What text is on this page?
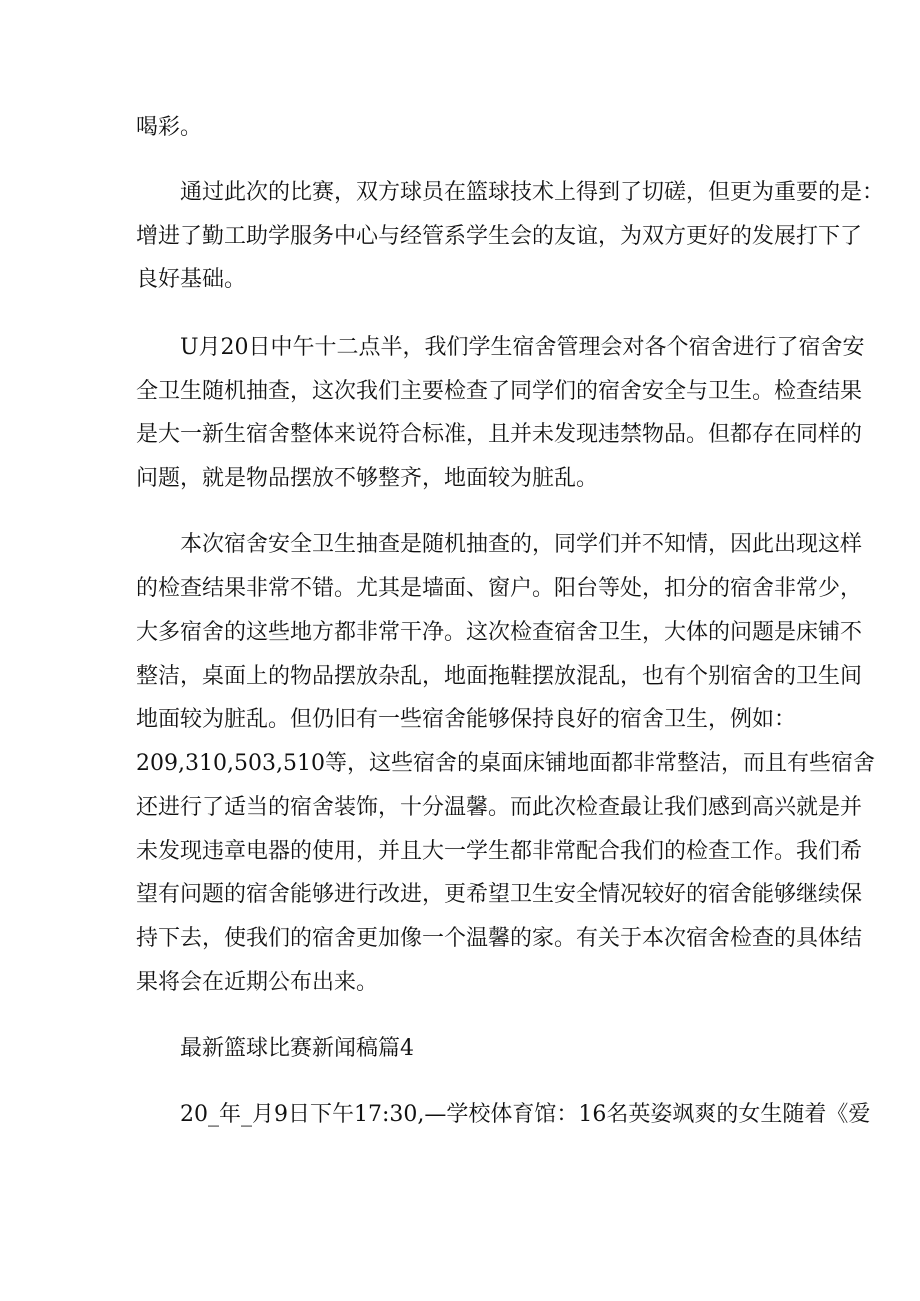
喝彩。

通过此次的比赛，双方球员在篮球技术上得到了切磋，但更为重要的是：

增进了勤工助学服务中心与经管系学生会的友谊，为双方更好的发展打下了

良好基础。

U月20日中午十二点半，我们学生宿舍管理会对各个宿舍进行了宿舍安

全卫生随机抽查，这次我们主要检查了同学们的宿舍安全与卫生。检查结果

是大一新生宿舍整体来说符合标准，且并未发现违禁物品。但都存在同样的

问题，就是物品摆放不够整齐，地面较为脏乱。

本次宿舍安全卫生抽查是随机抽查的，同学们并不知情，因此出现这样

的检查结果非常不错。尤其是墙面、窗户。阳台等处，扣分的宿舍非常少，

大多宿舍的这些地方都非常干净。这次检查宿舍卫生，大体的问题是床铺不

整洁，桌面上的物品摆放杂乱，地面拖鞋摆放混乱，也有个别宿舍的卫生间

地面较为脏乱。但仍旧有一些宿舍能够保持良好的宿舍卫生，例如：

209,310,503,510等，这些宿舍的桌面床铺地面都非常整洁，而且有些宿舍

还进行了适当的宿舍装饰，十分温馨。而此次检查最让我们感到高兴就是并

未发现违章电器的使用，并且大一学生都非常配合我们的检查工作。我们希

望有问题的宿舍能够进行改进，更希望卫生安全情况较好的宿舍能够继续保

持下去，使我们的宿舍更加像一个温馨的家。有关于本次宿舍检查的具体结

果将会在近期公布出来。

最新篮球比赛新闻稿篇4

20_年_月9日下午17:30,—学校体育馆：16名英姿飒爽的女生随着《爱
